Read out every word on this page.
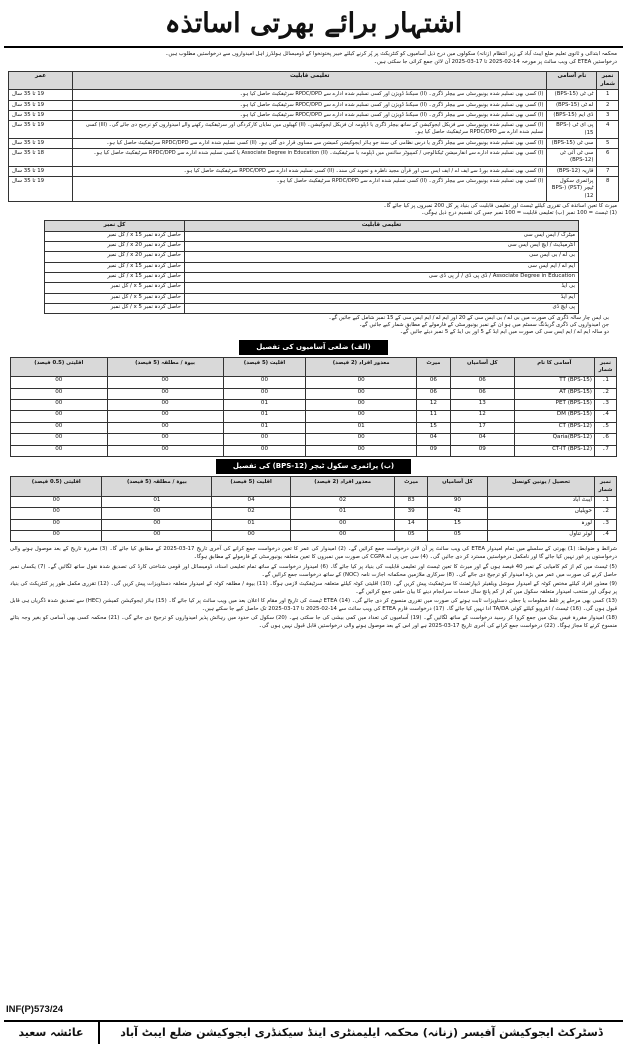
اشتہار برائے بھرتی اساتذہ

محکمہ ابتدائی و ثانوی تعلیم ضلع ایبٹ آباد کے زیر انتظام (زنانہ) سکولوں میں درج ذیل آسامیوں کو کنٹریکٹ پر پُر کرنے کیلئے خیبر پختونخوا کے ڈومیسائل ہولڈرز اہل امیدواروں سے درخواستیں مطلوب ہیں۔

درخواستیں ETEA کی ویب سائٹ پر مورخہ 14-02-2025 تا 17-03-2025 آن لائن جمع کرائی جا سکتی ہیں۔

نمبر شمار	نام آسامی	تعلیمی قابلیت	عمر
1	ٹی ٹی (BPS-15)	(I) کسی بھی تسلیم شدہ یونیورسٹی سے بیچلر ڈگری۔ (II) سیکنڈ ڈویژن اور کسی تسلیم شدہ ادارے سے RPDC/DPD سرٹیفکیٹ حاصل کیا ہو۔	19 تا 35 سال
2	اے ٹی (BPS-15)	(I) کسی بھی تسلیم شدہ یونیورسٹی سے بیچلر ڈگری۔ (II) سیکنڈ ڈویژن اور کسی تسلیم شدہ ادارے سے RPDC/DPD سرٹیفکیٹ حاصل کیا ہو۔	19 تا 35 سال
3	ڈی ایم (BPS-15)	(I) کسی بھی تسلیم شدہ یونیورسٹی سے بیچلر ڈگری۔ (II) سیکنڈ ڈویژن اور کسی تسلیم شدہ ادارے سے RPDC/DPD سرٹیفکیٹ حاصل کیا ہو۔	19 تا 35 سال
4	پی ای ٹی (BPS-15)	(I) کسی بھی تسلیم شدہ یونیورسٹی سے فزیکل ایجوکیشن کے ساتھ بیچلر ڈگری یا ڈپلومہ ان فزیکل ایجوکیشن۔ (II) کھیلوں میں نمایاں کارکردگی اور سرٹیفکیٹ رکھنے والے امیدواروں کو ترجیح دی جائے گی۔ (III) کسی تسلیم شدہ ادارے سے RPDC/DPD سرٹیفکیٹ حاصل کیا ہو۔	19 تا 35 سال
5	سی ٹی (BPS-15)	(I) کسی بھی تسلیم شدہ یونیورسٹی سے بیچلر ڈگری یا درس نظامی کی سند جو ہائر ایجوکیشن کمیشن سے مساوی قرار دی گئی ہو۔ (II) کسی تسلیم شدہ ادارے سے RPDC/DPD سرٹیفکیٹ حاصل کیا ہو۔	19 تا 35 سال
6	سی ٹی آئی ٹی (BPS-12)	(I) کسی بھی تسلیم شدہ ادارے سے انفارمیشن ٹیکنالوجی / کمپیوٹر سائنس میں ڈپلومہ یا سرٹیفکیٹ۔ (II) Associate Degree in Education یا کسی تسلیم شدہ ادارے سے RPDC/DPD سرٹیفکیٹ حاصل کیا ہو۔	18 تا 35 سال
7	قاریہ (BPS-12)	(I) کسی بھی تسلیم شدہ بورڈ سے ایف اے / ایف ایس سی اور قرآن مجید ناظرہ و تجوید کی سند۔ (II) کسی تسلیم شدہ ادارے سے RPDC/DPD سرٹیفکیٹ حاصل کیا ہو۔	19 تا 35 سال
8	پرائمری سکول ٹیچر (PST) (BPS-12)	(I) کسی بھی تسلیم شدہ یونیورسٹی سے بیچلر ڈگری۔ (II) کسی تسلیم شدہ ادارے سے RPDC/DPD سرٹیفکیٹ حاصل کیا ہو۔	19 تا 35 سال

میرٹ کا تعین اساتذہ کی تقرری کیلئے ٹیسٹ اور تعلیمی قابلیت کی بنیاد پر کل 200 نمبروں پر کیا جائے گا۔

(1) ٹیسٹ = 100 نمبر (ب) تعلیمی قابلیت = 100 نمبر جس کی تقسیم درج ذیل ہوگی۔

تعلیمی قابلیت	کل نمبر
میٹرک / ایس ایس سی	حاصل کردہ نمبر x 15 / کل نمبر
انٹرمیڈیٹ / ایچ ایس ایس سی	حاصل کردہ نمبر x 20 / کل نمبر
بی اے / بی ایس سی	حاصل کردہ نمبر x 20 / کل نمبر
ایم اے / ایم ایس سی	حاصل کردہ نمبر x 15 / کل نمبر
Associate Degree in Education / ڈی پی ڈی / آر پی ڈی سی	حاصل کردہ نمبر x 15 / کل نمبر
بی ایڈ	حاصل کردہ نمبر x 5 / کل نمبر
ایم ایڈ	حاصل کردہ نمبر x 5 / کل نمبر
پی ایچ ڈی	حاصل کردہ نمبر x 5 / کل نمبر

بی ایس چار سالہ ڈگری کی صورت میں بی اے / بی ایس سی کے 20 اور ایم اے / ایم ایس سی کے 15 نمبر شامل کیے جائیں گے۔

جن امیدواروں کی ڈگری گریڈنگ سسٹم میں ہو ان کے نمبر یونیورسٹی کے فارمولے کے مطابق شمار کیے جائیں گے۔

دو سالہ ایم اے / ایم ایس سی کی صورت میں ایم ایڈ کے 5 اور بی ایڈ کے 5 نمبر دیئے جائیں گے۔

(الف) ضلعی آسامیوں کی تفصیل
نمبر شمار	آسامی کا نام	کل آسامیاں	میرٹ	معذور افراد (2 فیصد)	اقلیت (5 فیصد)	بیوہ / مطلقہ (5 فیصد)	اقلیتی (0.5 فیصد)
1۔	TT (BPS-15)	06	06	00	00	00	00
2۔	AT (BPS-15)	06	06	00	00	00	00
3۔	PET (BPS-15)	13	12	00	01	00	00
4۔	DM (BPS-15)	12	11	00	01	00	00
5۔	CT (BPS-12)	17	15	01	01	00	00
6۔	Qaria(BPS-12)	04	04	00	00	00	00
7۔	CT-IT (BPS-12)	09	09	00	00	00	00
(ب) پرائمری سکول ٹیچر (BPS-12) کی تفصیل
نمبر شمار	تحصیل / یونین کونسل	کل آسامیاں	میرٹ	معذور افراد (2 فیصد)	اقلیت (5 فیصد)	بیوہ / مطلقہ (5 فیصد)	اقلیتی (0.5 فیصد)
1۔	ایبٹ آباد	90	83	02	04	01	00
2۔	حویلیاں	42	39	01	02	00	00
3۔	لورہ	15	14	00	01	00	00
4۔	لوئر تناول	05	05	00	00	00	00

شرائط و ضوابط: (1) بھرتی کے سلسلے میں تمام امیدوار ETEA کی ویب سائٹ پر آن لائن درخواست جمع کرائیں گے۔ (2) امیدوار کی عمر کا تعین درخواست جمع کرانے کی آخری تاریخ 17-03-2025 کے مطابق کیا جائے گا۔ (3) مقررہ تاریخ کے بعد موصول ہونے والی درخواستوں پر غور نہیں کیا جائے گا اور نامکمل درخواستیں مسترد کر دی جائیں گی۔ (4) سی جی پی اے CGPA کی صورت میں نمبروں کا تعین متعلقہ یونیورسٹی کے فارمولے کے مطابق ہوگا۔

(5) ٹیسٹ میں کم از کم کامیابی کے نمبر 40 فیصد ہوں گے اور میرٹ کا تعین ٹیسٹ اور تعلیمی قابلیت کی بنیاد پر کیا جائے گا۔ (6) امیدوار درخواست کے ساتھ تمام تعلیمی اسناد، ڈومیسائل اور قومی شناختی کارڈ کی تصدیق شدہ نقول ساتھ لگائیں گے۔ (7) یکساں نمبر حاصل کرنے کی صورت میں عمر میں بڑے امیدوار کو ترجیح دی جائے گی۔ (8) سرکاری ملازمین محکمانہ اجازت نامہ (NOC) کے ساتھ درخواست جمع کرائیں گے۔

(9) معذور افراد کیلئے مختص کوٹہ کے امیدوار سوشل ویلفیئر ڈیپارٹمنٹ کا سرٹیفکیٹ پیش کریں گے۔ (10) اقلیتی کوٹہ کیلئے متعلقہ سرٹیفکیٹ لازمی ہوگا۔ (11) بیوہ / مطلقہ کوٹہ کے امیدوار متعلقہ دستاویزات پیش کریں گی۔ (12) تقرری مکمل طور پر کنٹریکٹ کی بنیاد پر ہوگی اور منتخب امیدوار متعلقہ سکول میں کم از کم پانچ سال خدمات سرانجام دینے کا بیان حلفی جمع کرائیں گے۔

(13) کسی بھی مرحلے پر غلط معلومات یا جعلی دستاویزات ثابت ہونے کی صورت میں تقرری منسوخ کر دی جائے گی۔ (14) ETEA ٹیسٹ کی تاریخ اور مقام کا اعلان بعد میں ویب سائٹ پر کیا جائے گا۔ (15) ہائر ایجوکیشن کمیشن (HEC) سے تصدیق شدہ ڈگریاں ہی قابل قبول ہوں گی۔ (16) ٹیسٹ / انٹرویو کیلئے کوئی TA/DA ادا نہیں کیا جائے گا۔ (17) درخواست فارم ETEA کی ویب سائٹ سے 14-02-2025 تا 17-03-2025 تک حاصل کیے جا سکتے ہیں۔

(18) امیدوار مقررہ فیس بینک میں جمع کروا کر رسید درخواست کے ساتھ لگائیں گے۔ (19) آسامیوں کی تعداد میں کمی بیشی کی جا سکتی ہے۔ (20) سکول کی حدود میں رہائش پذیر امیدواروں کو ترجیح دی جائے گی۔ (21) محکمہ کسی بھی آسامی کو بغیر وجہ بتائے منسوخ کرنے کا مجاز ہوگا۔ (22) درخواست جمع کرانے کی آخری تاریخ 17-03-2025 ہے اور اس کے بعد موصول ہونے والی درخواستیں قابل قبول نہیں ہوں گی۔

INF(P)573/24
ڈسٹرکٹ ایجوکیشن آفیسر (زنانہ) محکمہ ایلیمنٹری اینڈ سیکنڈری ایجوکیشن ضلع ایبٹ آباد
عائشہ سعید
